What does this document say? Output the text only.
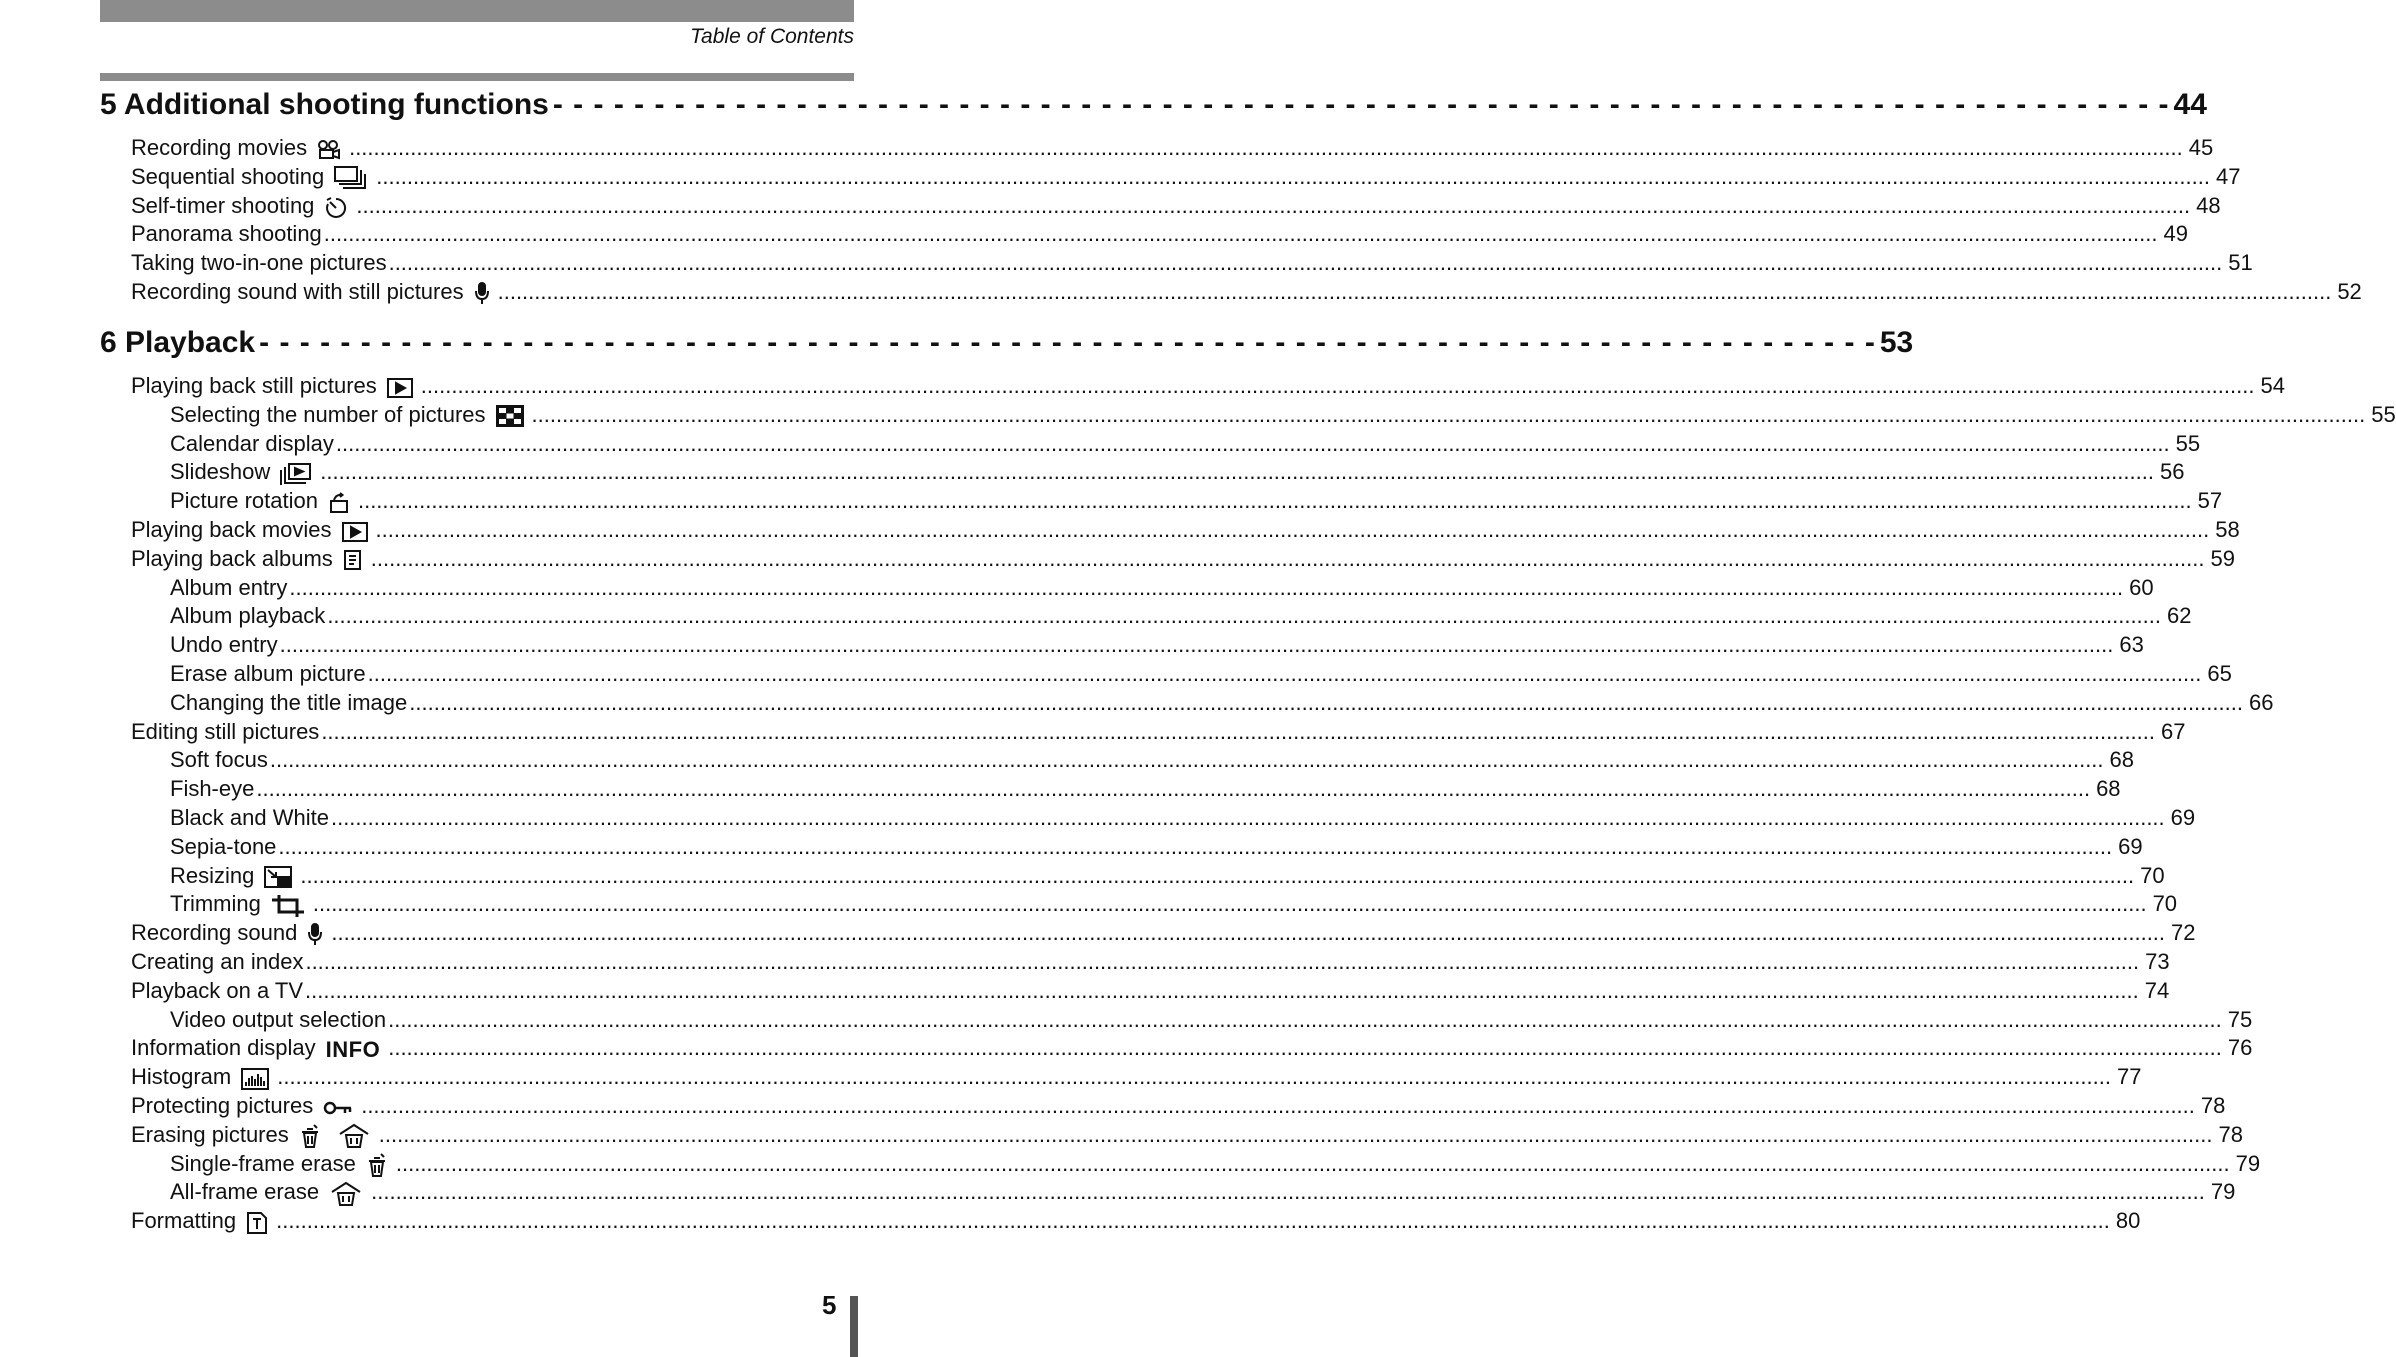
Table of Contents
5 Additional shooting functions - - - - - - - - - - - - - - - - - - - - - - - - - - - - - - - - - - - - - - - - - - - - - - - - - - - - - - - - - - - - - - - - - - - - - - - - - - - - - - - - 44
Recording movies ............................................................................................................................................................................................................................................................................................................ 45
Sequential shooting ............................................................................................................................................................................................................................................................................................................ 47
Self-timer shooting ............................................................................................................................................................................................................................................................................................................ 48
Panorama shooting ............................................................................................................................................................................................................................................................................................................ 49
Taking two-in-one pictures ............................................................................................................................................................................................................................................................................................................ 51
Recording sound with still pictures ............................................................................................................................................................................................................................................................................................................ 52
6 Playback - - - - - - - - - - - - - - - - - - - - - - - - - - - - - - - - - - - - - - - - - - - - - - - - - - - - - - - - - - - - - - - - - - - - - - - - - - - - - - - - 53
Playing back still pictures ............................................................................................................................................................................................................................................................................................................ 54
Selecting the number of pictures ............................................................................................................................................................................................................................................................................................................ 55
Calendar display ............................................................................................................................................................................................................................................................................................................ 55
Slideshow ............................................................................................................................................................................................................................................................................................................ 56
Picture rotation ............................................................................................................................................................................................................................................................................................................ 57
Playing back movies ............................................................................................................................................................................................................................................................................................................ 58
Playing back albums ............................................................................................................................................................................................................................................................................................................ 59
Album entry ............................................................................................................................................................................................................................................................................................................ 60
Album playback ............................................................................................................................................................................................................................................................................................................ 62
Undo entry ............................................................................................................................................................................................................................................................................................................ 63
Erase album picture ............................................................................................................................................................................................................................................................................................................ 65
Changing the title image ............................................................................................................................................................................................................................................................................................................ 66
Editing still pictures ............................................................................................................................................................................................................................................................................................................ 67
Soft focus ............................................................................................................................................................................................................................................................................................................ 68
Fish-eye ............................................................................................................................................................................................................................................................................................................ 68
Black and White ............................................................................................................................................................................................................................................................................................................ 69
Sepia-tone ............................................................................................................................................................................................................................................................................................................ 69
Resizing ............................................................................................................................................................................................................................................................................................................ 70
Trimming ............................................................................................................................................................................................................................................................................................................ 70
Recording sound ............................................................................................................................................................................................................................................................................................................ 72
Creating an index ............................................................................................................................................................................................................................................................................................................ 73
Playback on a TV ............................................................................................................................................................................................................................................................................................................ 74
Video output selection ............................................................................................................................................................................................................................................................................................................ 75
Information display INFO ............................................................................................................................................................................................................................................................................................................ 76
Histogram ............................................................................................................................................................................................................................................................................................................ 77
Protecting pictures ............................................................................................................................................................................................................................................................................................................ 78
Erasing pictures	............................................................................................................................................................................................................................................................................................................ 78
Single-frame erase ............................................................................................................................................................................................................................................................................................................ 79
All-frame erase ............................................................................................................................................................................................................................................................................................................ 79
Formatting ............................................................................................................................................................................................................................................................................................................ 80
5
